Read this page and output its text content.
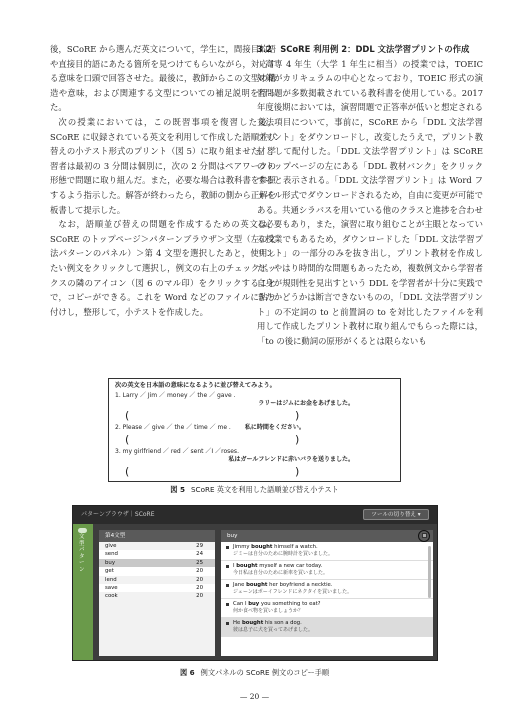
後，SCoRE から選んだ英文について，学生に，間接目的語や直接目的語にあたる箇所を見つけてもらいながら，対応する意味を口頭で回答させた。最後に，教師からこの文型の構造や意味，および関連する文型についての補足説明を行った。

次の授業においては，この既習事項を復習した後，SCoRE に収録されている英文を利用して作成した語順並び替えの小テスト形式のプリント（図 5）に取り組ませた。学習者は最初の 3 分間は個別に，次の 2 分間はペアワークの形態で問題に取り組んだ。また，必要な場合は教科書を参照するよう指示した。解答が終わったら，教師の側から正解を板書して提示した。

なお，語順並び替えの問題を作成するための英文は，SCoRE のトップページ＞パターンブラウザ＞文型（左の文法パターンのパネル）＞第 4 文型を選択したあと，使用したい例文をクリックして選択し，例文の右上のチェックボックスの隣のアイコン（図 6 のマル印）をクリックすることで，コピーができる。これを Word などのファイルに貼り付けし，整形して，小テストを作成した。

3.2　SCoRE 利用例 2：DDL 文法学習プリントの作成

高専 4 年生（大学 1 年生に相当）の授業では，TOEIC 対策がカリキュラムの中心となっており，TOEIC 形式の演習問題が多数掲載されている教科書を使用している。2017 年度後期においては，演習問題で正答率が低いと想定される文法項目について，事前に，SCoRE から「DDL 文法学習プリント」をダウンロードし，改変したうえで，プリント教材として配付した。「DDL 文法学習プリント」は SCoRE のトップページの左にある「DDL 教材バンク」をクリックすると表示される。「DDL 文法学習プリント」は Word ファイル形式でダウンロードされるため，自由に変更が可能である。共通シラバスを用いている他のクラスと進捗を合わせる必要もあり，また，演習に取り組むことが主眼となっている授業でもあるため，ダウンロードした「DDL 文法学習プリント」の一部分のみを抜き出し，プリント教材を作成した。やはり時間的な問題もあったため，複数例文から学習者自身が規則性を見出すという DDL を学習者が十分に実践できたかどうかは断言できないものの，「DDL 文法学習プリント」の不定詞の to と前置詞の to を対比したファイルを利用して作成したプリント教材に取り組んでもらった際には，「to の後に動詞の原形がくるとは限らないも

次の英文を日本語の意味になるように並び替えてみよう。
1. Larry ／ Jim ／ money ／ the ／ gave .
ラリーはジムにお金をあげました。
(	)
2. Please ／ give ／ the ／ time ／ me . 私に時間をください。
(	)
3. my girlfriend ／ red ／ sent ／I ／roses.
私はガールフレンドに赤いバラを送りました。
(	)
図 5 SCoRE 英文を利用した語順並び替え小テスト
パターンブラウザ｜SCoRE	ツールの切り替え ▾
文型パターン
第4文型
give	29
send	24
buy	25
get	20
lend	20
save	20
cook	20
buy
Jimmy bought himself a watch.
ジミーは自分のために腕時計を買いました。
I bought myself a new car today.
今日私は自分のために新車を買いました。
Jane bought her boyfriend a necktie.
ジェーンはボーイフレンドにネクタイを買いました。
Can I buy you something to eat?
何か食べ物を買いましょうか？
He bought his son a dog.
彼は息子に犬を買ってあげました。
図 6 例文パネルの SCoRE 例文のコピー手順
— 20 —
